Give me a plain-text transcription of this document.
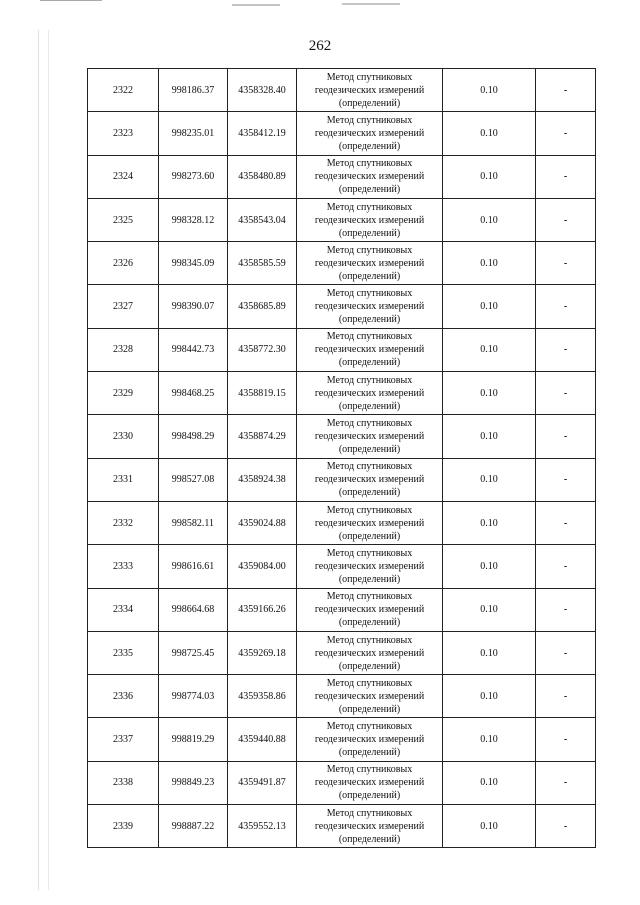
262
2322	998186.37	4358328.40	Метод спутниковых
геодезических измерений
(определений)	0.10	-
2323	998235.01	4358412.19	Метод спутниковых
геодезических измерений
(определений)	0.10	-
2324	998273.60	4358480.89	Метод спутниковых
геодезических измерений
(определений)	0.10	-
2325	998328.12	4358543.04	Метод спутниковых
геодезических измерений
(определений)	0.10	-
2326	998345.09	4358585.59	Метод спутниковых
геодезических измерений
(определений)	0.10	-
2327	998390.07	4358685.89	Метод спутниковых
геодезических измерений
(определений)	0.10	-
2328	998442.73	4358772.30	Метод спутниковых
геодезических измерений
(определений)	0.10	-
2329	998468.25	4358819.15	Метод спутниковых
геодезических измерений
(определений)	0.10	-
2330	998498.29	4358874.29	Метод спутниковых
геодезических измерений
(определений)	0.10	-
2331	998527.08	4358924.38	Метод спутниковых
геодезических измерений
(определений)	0.10	-
2332	998582.11	4359024.88	Метод спутниковых
геодезических измерений
(определений)	0.10	-
2333	998616.61	4359084.00	Метод спутниковых
геодезических измерений
(определений)	0.10	-
2334	998664.68	4359166.26	Метод спутниковых
геодезических измерений
(определений)	0.10	-
2335	998725.45	4359269.18	Метод спутниковых
геодезических измерений
(определений)	0.10	-
2336	998774.03	4359358.86	Метод спутниковых
геодезических измерений
(определений)	0.10	-
2337	998819.29	4359440.88	Метод спутниковых
геодезических измерений
(определений)	0.10	-
2338	998849.23	4359491.87	Метод спутниковых
геодезических измерений
(определений)	0.10	-
2339	998887.22	4359552.13	Метод спутниковых
геодезических измерений
(определений)	0.10	-
